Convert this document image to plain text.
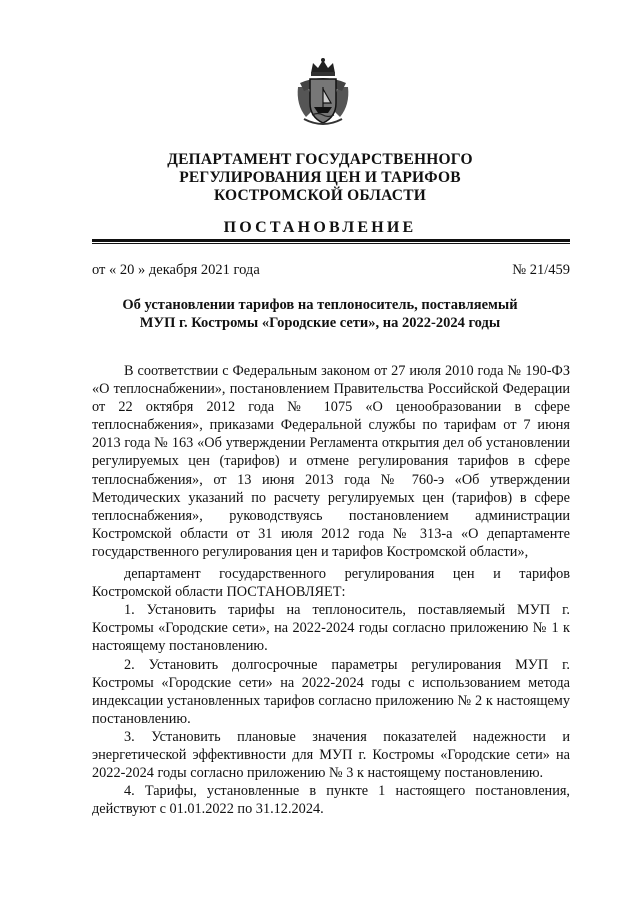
ДЕПАРТАМЕНТ ГОСУДАРСТВЕННОГО
РЕГУЛИРОВАНИЯ ЦЕН И ТАРИФОВ
КОСТРОМСКОЙ ОБЛАСТИ
ПОСТАНОВЛЕНИЕ
от « 20 » декабря 2021 года	№ 21/459
Об установлении тарифов на теплоноситель, поставляемый
МУП г. Костромы «Городские сети», на 2022-2024 годы

В соответствии с Федеральным законом от 27 июля 2010 года № 190-ФЗ «О теплоснабжении», постановлением Правительства Российской Федерации от 22 октября 2012 года № 1075 «О ценообразовании в сфере теплоснабжения», приказами Федеральной службы по тарифам от 7 июня 2013 года № 163 «Об утверждении Регламента открытия дел об установлении регулируемых цен (тарифов) и отмене регулирования тарифов в сфере теплоснабжения», от 13 июня 2013 года № 760-э «Об утверждении Методических указаний по расчету регулируемых цен (тарифов) в сфере теплоснабжения», руководствуясь постановлением администрации Костромской области от 31 июля 2012 года № 313-а «О департаменте государственного регулирования цен и тарифов Костромской области»,

департамент государственного регулирования цен и тарифов Костромской области ПОСТАНОВЛЯЕТ:

1. Установить тарифы на теплоноситель, поставляемый МУП г. Костромы «Городские сети», на 2022-2024 годы согласно приложению № 1 к настоящему постановлению.

2. Установить долгосрочные параметры регулирования МУП г. Костромы «Городские сети» на 2022-2024 годы с использованием метода индексации установленных тарифов согласно приложению № 2 к настоящему постановлению.

3. Установить плановые значения показателей надежности и энергетической эффективности для МУП г. Костромы «Городские сети» на 2022-2024 годы согласно приложению № 3 к настоящему постановлению.

4. Тарифы, установленные в пункте 1 настоящего постановления, действуют с 01.01.2022 по 31.12.2024.
